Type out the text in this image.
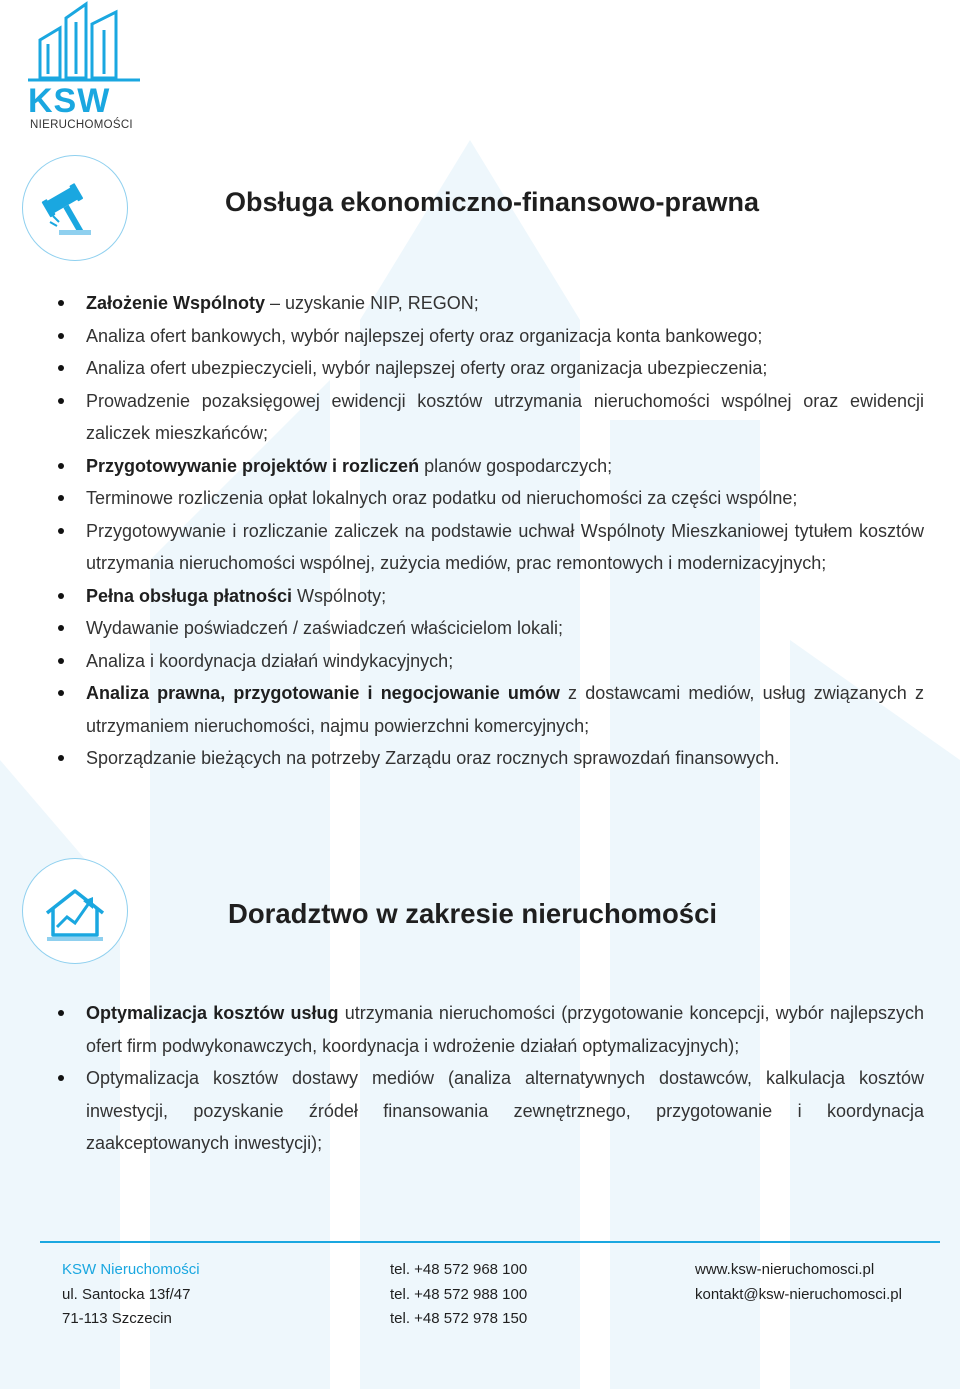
KSW
NIERUCHOMOŚCI
Obsługa ekonomiczno-finansowo-prawna
Założenie Wspólnoty – uzyskanie NIP, REGON;
Analiza ofert bankowych, wybór najlepszej oferty oraz organizacja konta bankowego;
Analiza ofert ubezpieczycieli, wybór najlepszej oferty oraz organizacja ubezpieczenia;
Prowadzenie pozaksięgowej ewidencji kosztów utrzymania nieruchomości wspólnej oraz ewidencji zaliczek mieszkańców;
Przygotowywanie projektów i rozliczeń planów gospodarczych;
Terminowe rozliczenia opłat lokalnych oraz podatku od nieruchomości za części wspólne;
Przygotowywanie i rozliczanie zaliczek na podstawie uchwał Wspólnoty Mieszkaniowej tytułem kosztów utrzymania nieruchomości wspólnej, zużycia mediów, prac remontowych i modernizacyjnych;
Pełna obsługa płatności Wspólnoty;
Wydawanie poświadczeń / zaświadczeń właścicielom lokali;
Analiza i koordynacja działań windykacyjnych;
Analiza prawna, przygotowanie i negocjowanie umów z dostawcami mediów, usług związanych z utrzymaniem nieruchomości, najmu powierzchni komercyjnych;
Sporządzanie bieżących na potrzeby Zarządu oraz rocznych sprawozdań finansowych.
Doradztwo w zakresie nieruchomości
Optymalizacja kosztów usług utrzymania nieruchomości (przygotowanie koncepcji, wybór najlepszych ofert firm podwykonawczych, koordynacja i wdrożenie działań optymalizacyjnych);
Optymalizacja kosztów dostawy mediów (analiza alternatywnych dostawców, kalkulacja kosztów inwestycji, pozyskanie źródeł finansowania zewnętrznego, przygotowanie i koordynacja zaakceptowanych inwestycji);
KSW Nieruchomości
ul. Santocka 13f/47
71-113 Szczecin
tel. +48 572 968 100
tel. +48 572 988 100
tel. +48 572 978 150
www.ksw-nieruchomosci.pl
kontakt@ksw-nieruchomosci.pl
